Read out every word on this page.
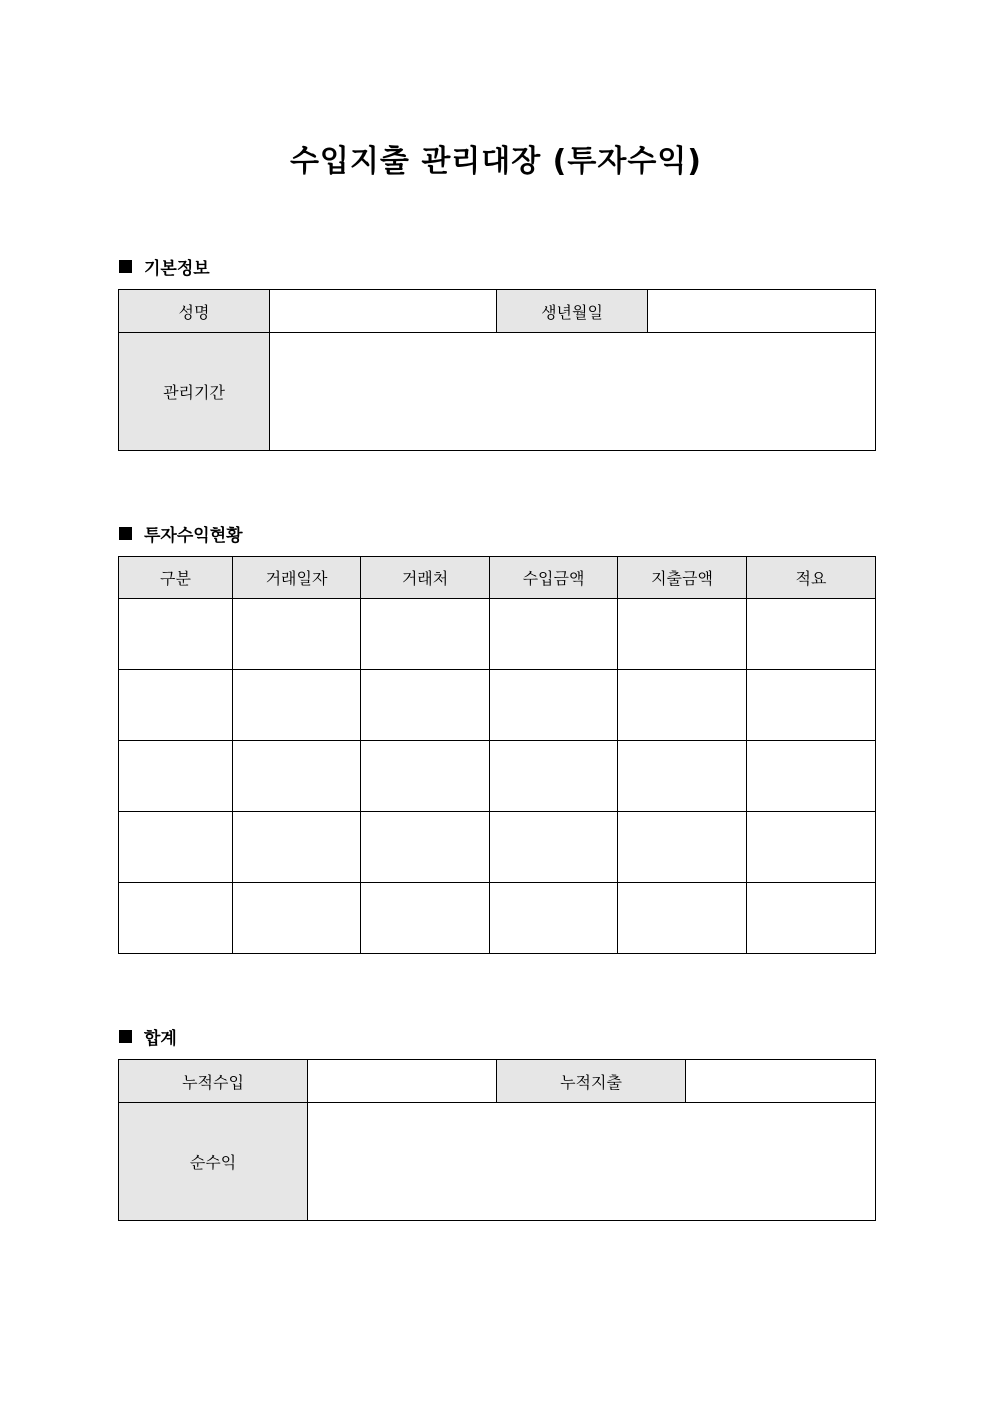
수입지출 관리대장 (투자수익)
기본정보
성명		생년월일	
관리기간			
투자수익현황
구분	거래일자	거래처	수입금액	지출금액	적요

합계
누적수입		누적지출	
순수익			
